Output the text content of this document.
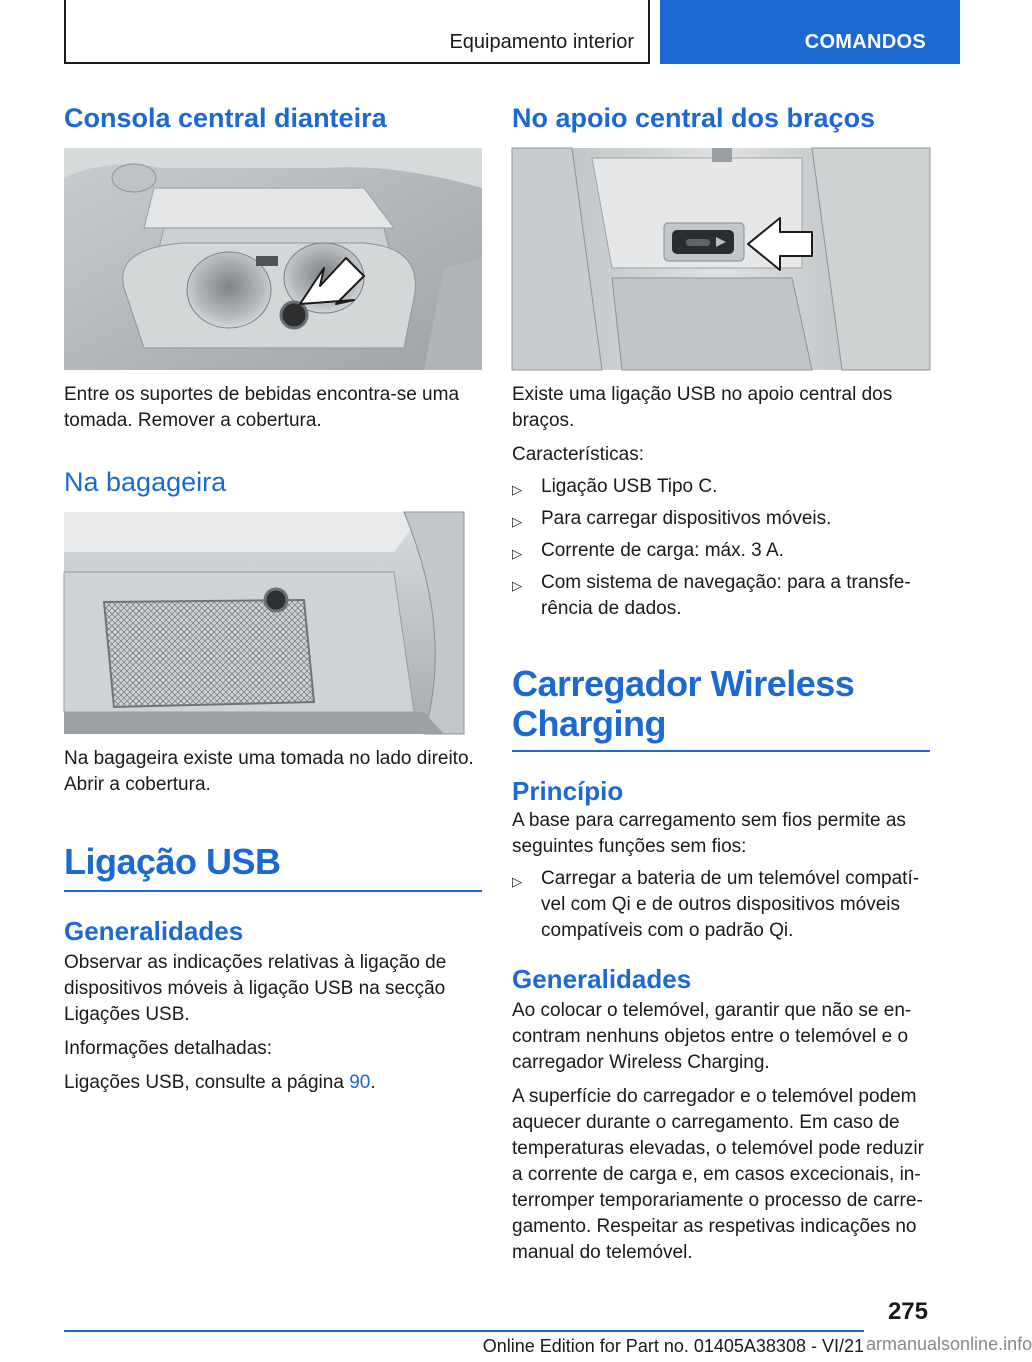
Equipamento interior	COMANDOS
Consola central dianteira

Entre os suportes de bebidas encontra-se uma tomada. Remover a cobertura.

Na bagageira

Na bagageira existe uma tomada no lado direito. Abrir a cobertura.

Ligação USB
Generalidades

Observar as indicações relativas à ligação de dispositivos móveis à ligação USB na secção Ligações USB.

Informações detalhadas:

Ligações USB, consulte a página 90.

No apoio central dos braços

Existe uma ligação USB no apoio central dos braços.

Características:

▷ Ligação USB Tipo C.
▷ Para carregar dispositivos móveis.
▷ Corrente de carga: máx. 3 A.
▷ Com sistema de navegação: para a transferência de dados.
Carregador Wireless Charging
Princípio

A base para carregamento sem fios permite as seguintes funções sem fios:

▷ Carregar a bateria de um telemóvel compatível com Qi e de outros dispositivos móveis compatíveis com o padrão Qi.
Generalidades

Ao colocar o telemóvel, garantir que não se encontram nenhuns objetos entre o telemóvel e o carregador Wireless Charging.

A superfície do carregador e o telemóvel podem aquecer durante o carregamento. Em caso de temperaturas elevadas, o telemóvel pode reduzir a corrente de carga e, em casos excecionais, interromper temporariamente o processo de carregamento. Respeitar as respetivas indicações no manual do telemóvel.

275
Online Edition for Part no. 01405A38308 - VI/21 armanualsonline.info
